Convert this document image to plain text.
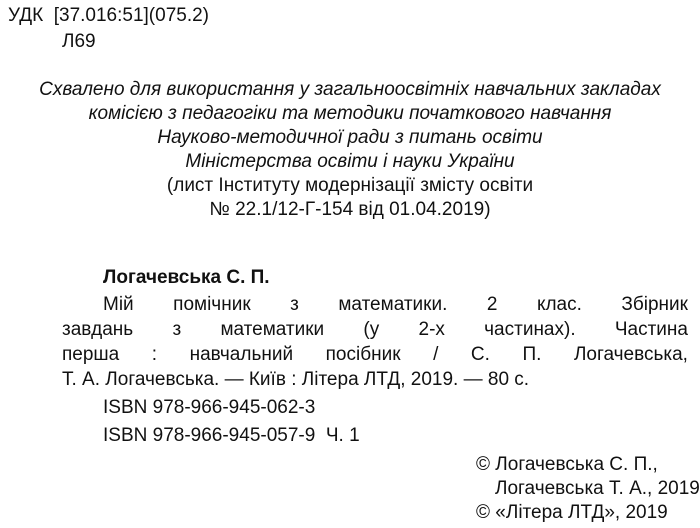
УДК [37.016:51](075.2)
Л69
Схвалено для використання у загальноосвітніх навчальних закладах
комісією з педагогіки та методики початкового навчання
Науково-методичної ради з питань освіти
Міністерства освіти і науки України
(лист Інституту модернізації змісту освіти
№ 22.1/12-Г-154 від 01.04.2019)
Логачевська С. П.
Мій помічник з математики. 2 клас. Збірник
завдань з математики (у 2-х частинах). Частина
перша : навчальний посібник / С. П. Логачевська,
Т. А. Логачевська. — Київ : Літера ЛТД, 2019. — 80 с.
ISBN 978-966-945-062-3
ISBN 978-966-945-057-9 Ч. 1
© Логачевська С. П.,
Логачевська Т. А., 2019
© «Літера ЛТД», 2019
